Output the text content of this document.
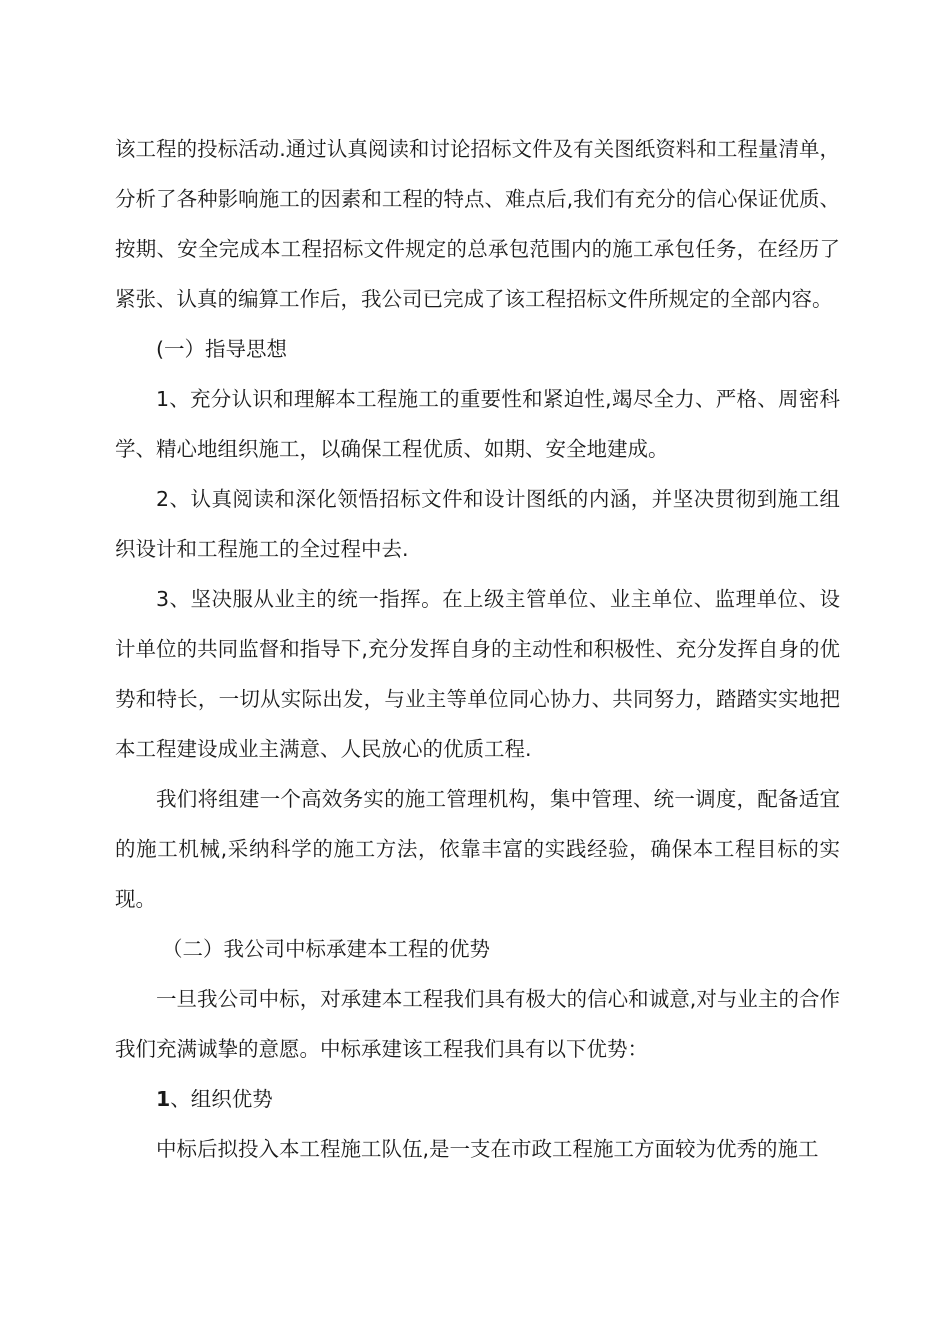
该工程的投标活动.通过认真阅读和讨论招标文件及有关图纸资料和工程量清单，分析了各种影响施工的因素和工程的特点、难点后,我们有充分的信心保证优质、按期、安全完成本工程招标文件规定的总承包范围内的施工承包任务，在经历了紧张、认真的编算工作后，我公司已完成了该工程招标文件所规定的全部内容。

(一）指导思想

1、充分认识和理解本工程施工的重要性和紧迫性,竭尽全力、严格、周密科学、精心地组织施工，以确保工程优质、如期、安全地建成。

2、认真阅读和深化领悟招标文件和设计图纸的内涵，并坚决贯彻到施工组织设计和工程施工的全过程中去.

3、坚决服从业主的统一指挥。在上级主管单位、业主单位、监理单位、设计单位的共同监督和指导下,充分发挥自身的主动性和积极性、充分发挥自身的优势和特长，一切从实际出发，与业主等单位同心协力、共同努力，踏踏实实地把本工程建设成业主满意、人民放心的优质工程.

我们将组建一个高效务实的施工管理机构，集中管理、统一调度，配备适宜的施工机械,采纳科学的施工方法，依靠丰富的实践经验，确保本工程目标的实现。

（二）我公司中标承建本工程的优势

一旦我公司中标，对承建本工程我们具有极大的信心和诚意,对与业主的合作我们充满诚挚的意愿。中标承建该工程我们具有以下优势：

1、组织优势

中标后拟投入本工程施工队伍,是一支在市政工程施工方面较为优秀的施工
